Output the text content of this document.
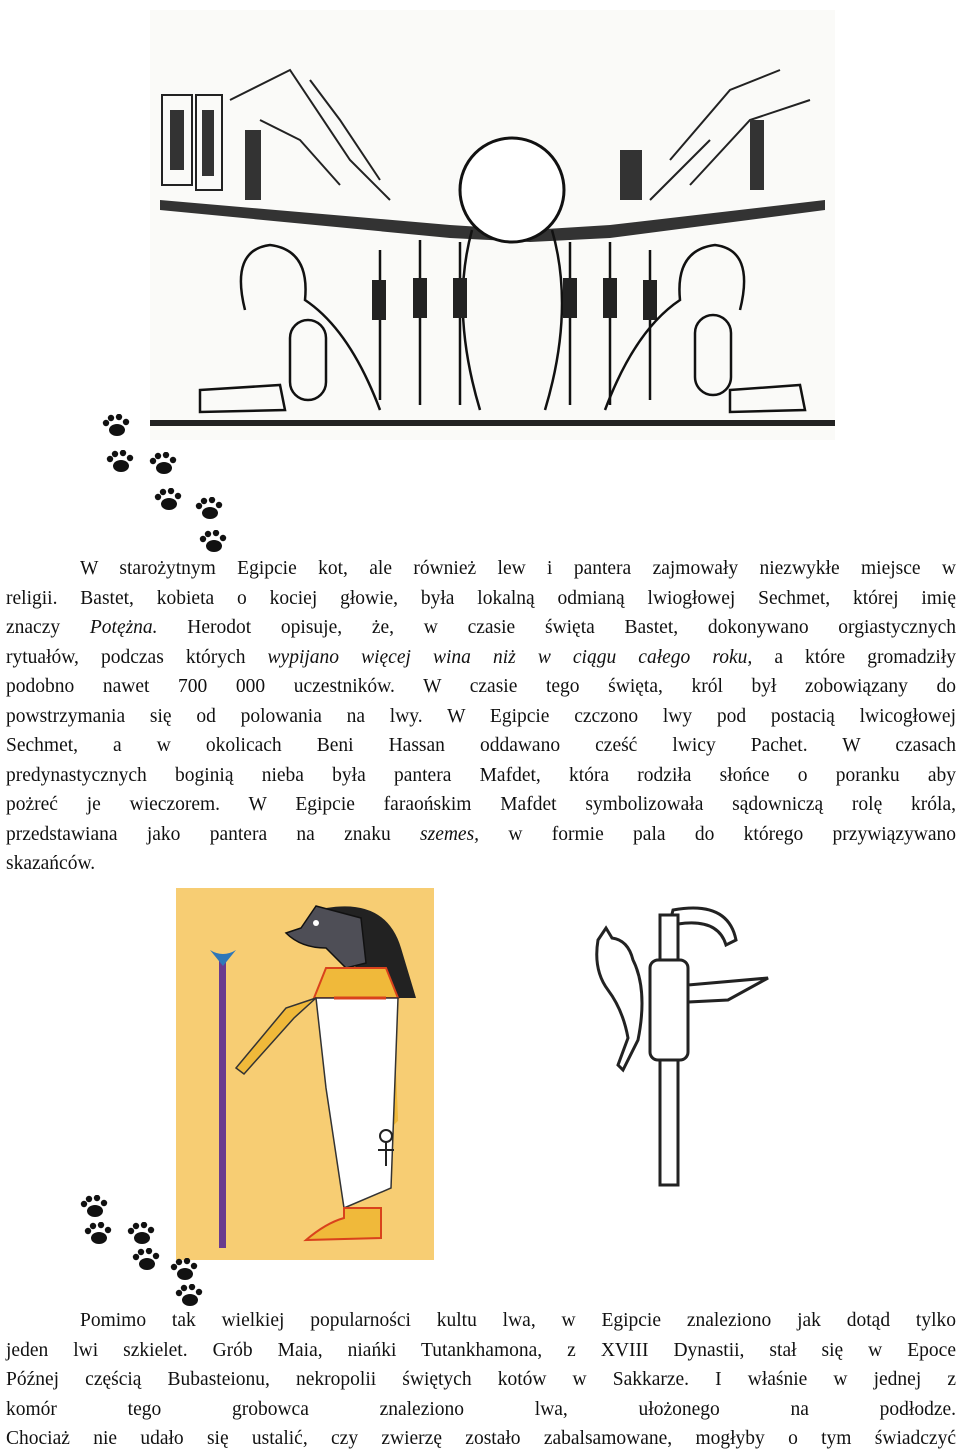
W starożytnym Egipcie kot, ale również lew i pantera zajmowały niezwykłe miejsce w
religii. Bastet, kobieta o kociej głowie, była lokalną odmianą lwiogłowej Sechmet, której imię
znaczy Potężna. Herodot opisuje, że, w czasie święta Bastet, dokonywano orgiastycznych
rytuałów, podczas których wypijano więcej wina niż w ciągu całego roku, a które gromadziły
podobno nawet 700 000 uczestników. W czasie tego święta, król był zobowiązany do
powstrzymania się od polowania na lwy. W Egipcie czczono lwy pod postacią lwicogłowej
Sechmet, a w okolicach Beni Hassan oddawano cześć lwicy Pachet. W czasach
predynastycznych boginią nieba była pantera Mafdet, która rodziła słońce o poranku aby
pożreć je wieczorem. W Egipcie faraońskim Mafdet symbolizowała sądowniczą rolę króla,
przedstawiana jako pantera na znaku szemes, w formie pala do którego przywiązywano
skazańców.
Pomimo tak wielkiej popularności kultu lwa, w Egipcie znaleziono jak dotąd tylko
jeden lwi szkielet. Grób Maia, niańki Tutankhamona, z XVIII Dynastii, stał się w Epoce
Późnej częścią Bubasteionu, nekropolii świętych kotów w Sakkarze. I właśnie w jednej z
komór tego grobowca znaleziono lwa, ułożonego na podłodze.
Chociaż nie udało się ustalić, czy zwierzę zostało zabalsamowane, mogłyby o tym świadczyć
